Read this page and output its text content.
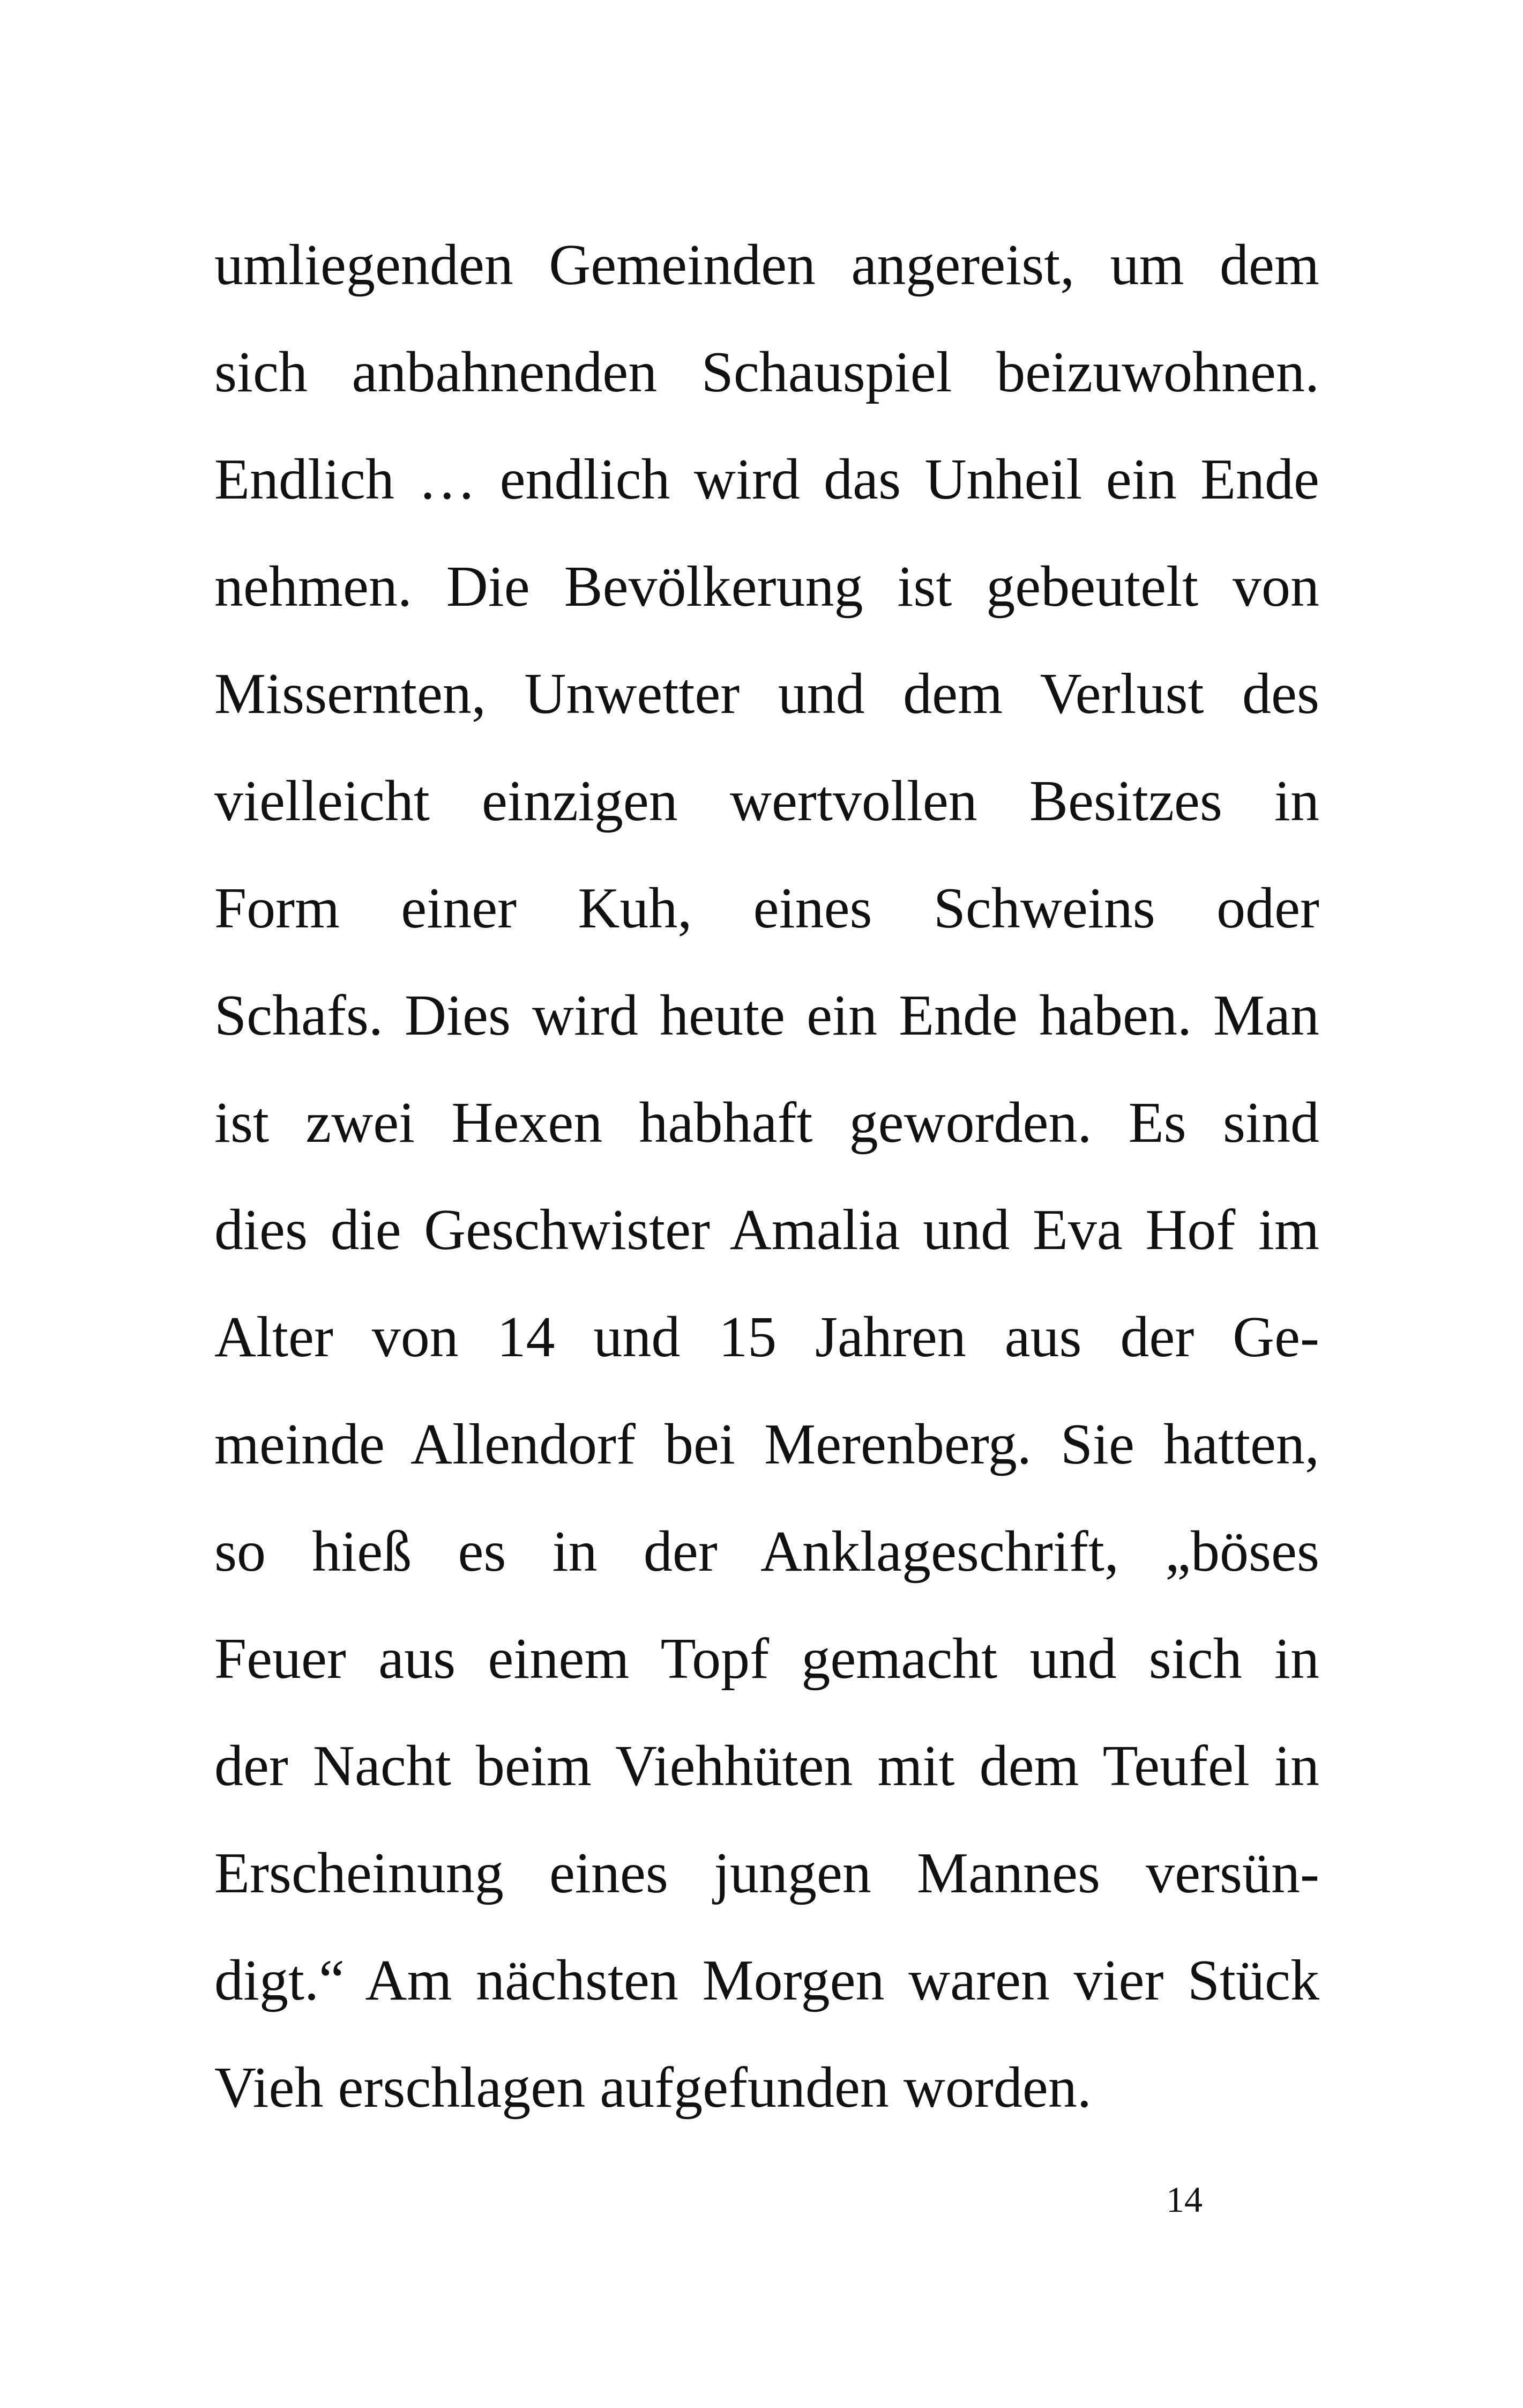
umliegenden Gemeinden angereist, um dem
sich anbahnenden Schauspiel beizuwohnen.
Endlich … endlich wird das Unheil ein Ende
nehmen. Die Bevölkerung ist gebeutelt von
Missernten, Unwetter und dem Verlust des
vielleicht einzigen wertvollen Besitzes in
Form einer Kuh, eines Schweins oder
Schafs. Dies wird heute ein Ende haben. Man
ist zwei Hexen habhaft geworden. Es sind
dies die Geschwister Amalia und Eva Hof im
Alter von 14 und 15 Jahren aus der Ge-
meinde Allendorf bei Merenberg. Sie hatten,
so hieß es in der Anklageschrift, „böses
Feuer aus einem Topf gemacht und sich in
der Nacht beim Viehhüten mit dem Teufel in
Erscheinung eines jungen Mannes versün-
digt.“ Am nächsten Morgen waren vier Stück
Vieh erschlagen aufgefunden worden.
14
